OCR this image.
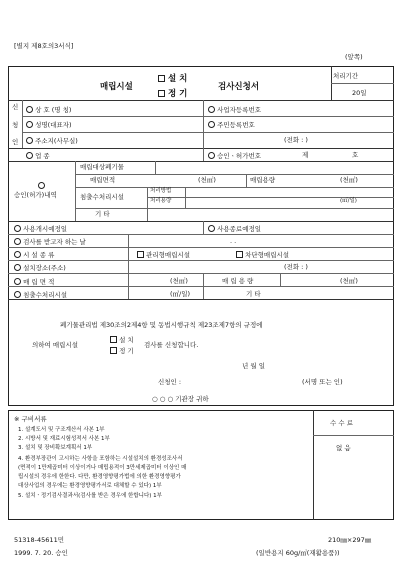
[별지 제8호의3서식]
(앞쪽)
매립시설
설 치
정 기
검사신청서
처리기간
20일
신
청
인
상 호 (명 칭)	사업자등록번호
성명(대표자)	주민등록번호
주소지(사무실)	(전화 : )
업 종	승인ㆍ허가번호	제	호
승인(허가)내역
매립대상폐기물
매립면적	(천㎡)	매립용량	(천㎥)
침출수처리시설
처리방법
처리용량	(㎥/일)
기 타
사용개시예정일	사용종료예정일
검사를 받고자 하는 날	. .
시 설 종 류	관리형매립시설	차단형매립시설
설치장소(주소)	(전화 : )
매 립 면 적	(천㎡)	매 립 용 량	(천㎥)
침출수처리시설	(㎥/일)	기 타
폐기물관리법 제30조의2제4항 및 동법시행규칙 제23조제7항의 규정에
의하여 매립시설
설 치
정 기
검사를 신청합니다.
년 월 일
신청인 :	(서명 또는 인)
○ ○ ○ 기관장 귀하
※ 구비서류
1. 설계도서 및 구조계산서 사본 1부
2. 시방서 및 재료시험성적서 사본 1부
3. 설치 및 장비확보계획서 1부
4. 환경부장관이 고시하는 사항을 포함하는 시설설치의 환경성조사서
(면적이 1만제곱미터 이상이거나 매립용적이 3만세제곱미터 이상인 매
립시설의 경우에 한한다. 다만, 환경영향평가법에 의한 환경영향평가
대상사업의 경우에는 환경영향평가서로 대체할 수 있다) 1부
5. 설치ㆍ정기검사결과서(검사를 받은 경우에 한합니다) 1부
수 수 료
없 음
51318-45611민
1999. 7. 20. 승인
210㎜×297㎜
(일반용지 60g/㎡(재활용품))
